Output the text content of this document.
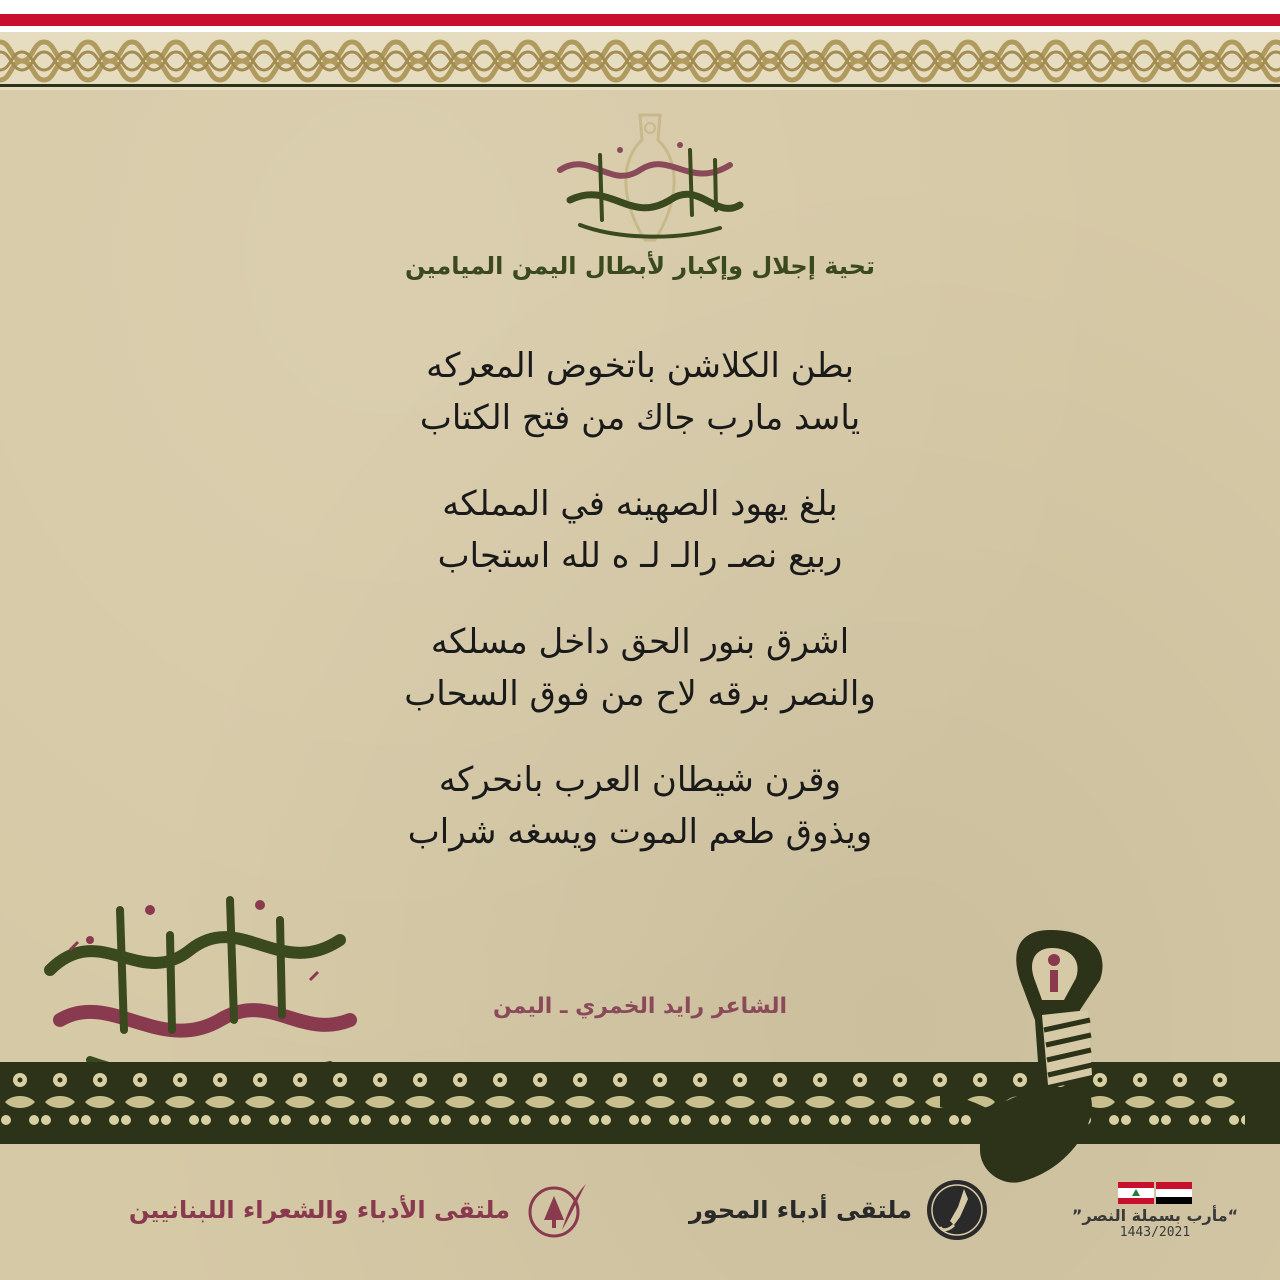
تحية إجلال وإكبار لأبطال اليمن الميامين
بطن الكلاشن باتخوض المعركه
ياسد مارب جاك من فتح الكتاب
بلغ يهود الصهينه في المملكه
ربيع نصـ رالـ لـ ه لله استجاب
اشرق بنور الحق داخل مسلكه
والنصر برقه لاح من فوق السحاب
وقرن شيطان العرب بانحركه
ويذوق طعم الموت ويسغه شراب
الشاعر رايد الخمري ـ اليمن
ملتقى الأدباء والشعراء اللبنانيين	ملتقى أدباء المحور	“مأرب بسملة النصر”
1443/2021
